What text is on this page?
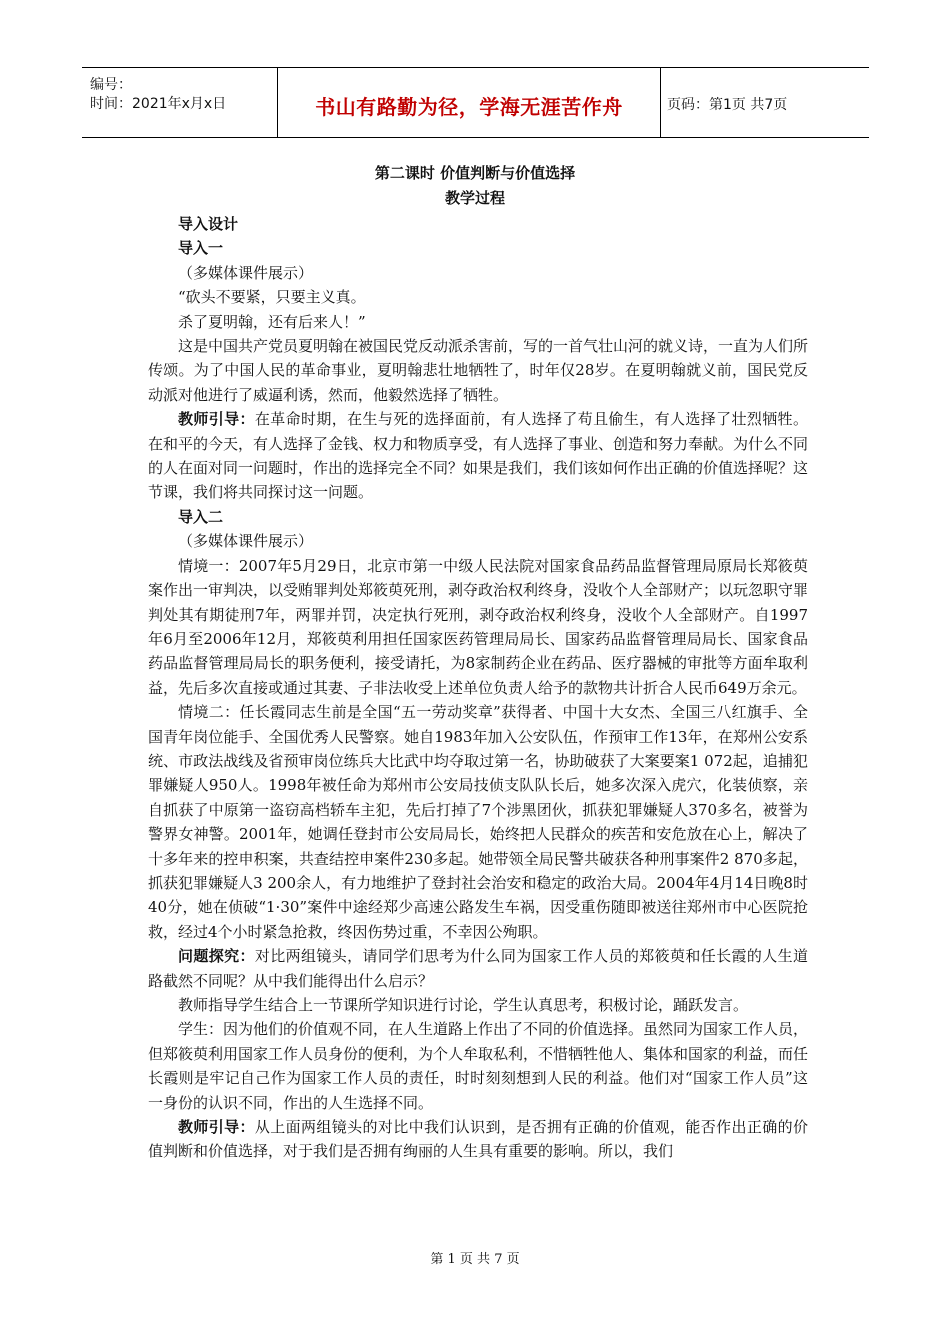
编号：
时间：2021年x月x日	书山有路勤为径，学海无涯苦作舟	页码：第1页 共7页
第二课时 价值判断与价值选择
教学过程

导入设计

导入一

（多媒体课件展示）

“砍头不要紧，只要主义真。

杀了夏明翰，还有后来人！”

这是中国共产党员夏明翰在被国民党反动派杀害前，写的一首气壮山河的就义诗，一直为人们所传颂。为了中国人民的革命事业，夏明翰悲壮地牺牲了，时年仅28岁。在夏明翰就义前，国民党反动派对他进行了威逼利诱，然而，他毅然选择了牺牲。

教师引导：在革命时期，在生与死的选择面前，有人选择了苟且偷生，有人选择了壮烈牺牲。在和平的今天，有人选择了金钱、权力和物质享受，有人选择了事业、创造和努力奉献。为什么不同的人在面对同一问题时，作出的选择完全不同？如果是我们，我们该如何作出正确的价值选择呢？这节课，我们将共同探讨这一问题。

导入二

（多媒体课件展示）

情境一：2007年5月29日，北京市第一中级人民法院对国家食品药品监督管理局原局长郑筱萸案作出一审判决，以受贿罪判处郑筱萸死刑，剥夺政治权利终身，没收个人全部财产；以玩忽职守罪判处其有期徒刑7年，两罪并罚，决定执行死刑，剥夺政治权利终身，没收个人全部财产。自1997年6月至2006年12月，郑筱萸利用担任国家医药管理局局长、国家药品监督管理局局长、国家食品药品监督管理局局长的职务便利，接受请托，为8家制药企业在药品、医疗器械的审批等方面牟取利益，先后多次直接或通过其妻、子非法收受上述单位负责人给予的款物共计折合人民币649万余元。

情境二：任长霞同志生前是全国“五一劳动奖章”获得者、中国十大女杰、全国三八红旗手、全国青年岗位能手、全国优秀人民警察。她自1983年加入公安队伍，作预审工作13年，在郑州公安系统、市政法战线及省预审岗位练兵大比武中均夺取过第一名，协助破获了大案要案1 072起，追捕犯罪嫌疑人950人。1998年被任命为郑州市公安局技侦支队队长后，她多次深入虎穴，化装侦察，亲自抓获了中原第一盗窃高档轿车主犯，先后打掉了7个涉黑团伙，抓获犯罪嫌疑人370多名，被誉为警界女神警。2001年，她调任登封市公安局局长，始终把人民群众的疾苦和安危放在心上，解决了十多年来的控申积案，共查结控申案件230多起。她带领全局民警共破获各种刑事案件2 870多起，抓获犯罪嫌疑人3 200余人，有力地维护了登封社会治安和稳定的政治大局。2004年4月14日晚8时40分，她在侦破“1·30”案件中途经郑少高速公路发生车祸，因受重伤随即被送往郑州市中心医院抢救，经过4个小时紧急抢救，终因伤势过重，不幸因公殉职。

问题探究：对比两组镜头，请同学们思考为什么同为国家工作人员的郑筱萸和任长霞的人生道路截然不同呢？从中我们能得出什么启示？

教师指导学生结合上一节课所学知识进行讨论，学生认真思考，积极讨论，踊跃发言。

学生：因为他们的价值观不同，在人生道路上作出了不同的价值选择。虽然同为国家工作人员，但郑筱萸利用国家工作人员身份的便利，为个人牟取私利，不惜牺牲他人、集体和国家的利益，而任长霞则是牢记自己作为国家工作人员的责任，时时刻刻想到人民的利益。他们对“国家工作人员”这一身份的认识不同，作出的人生选择不同。

教师引导：从上面两组镜头的对比中我们认识到，是否拥有正确的价值观，能否作出正确的价值判断和价值选择，对于我们是否拥有绚丽的人生具有重要的影响。所以，我们

第 1 页 共 7 页
